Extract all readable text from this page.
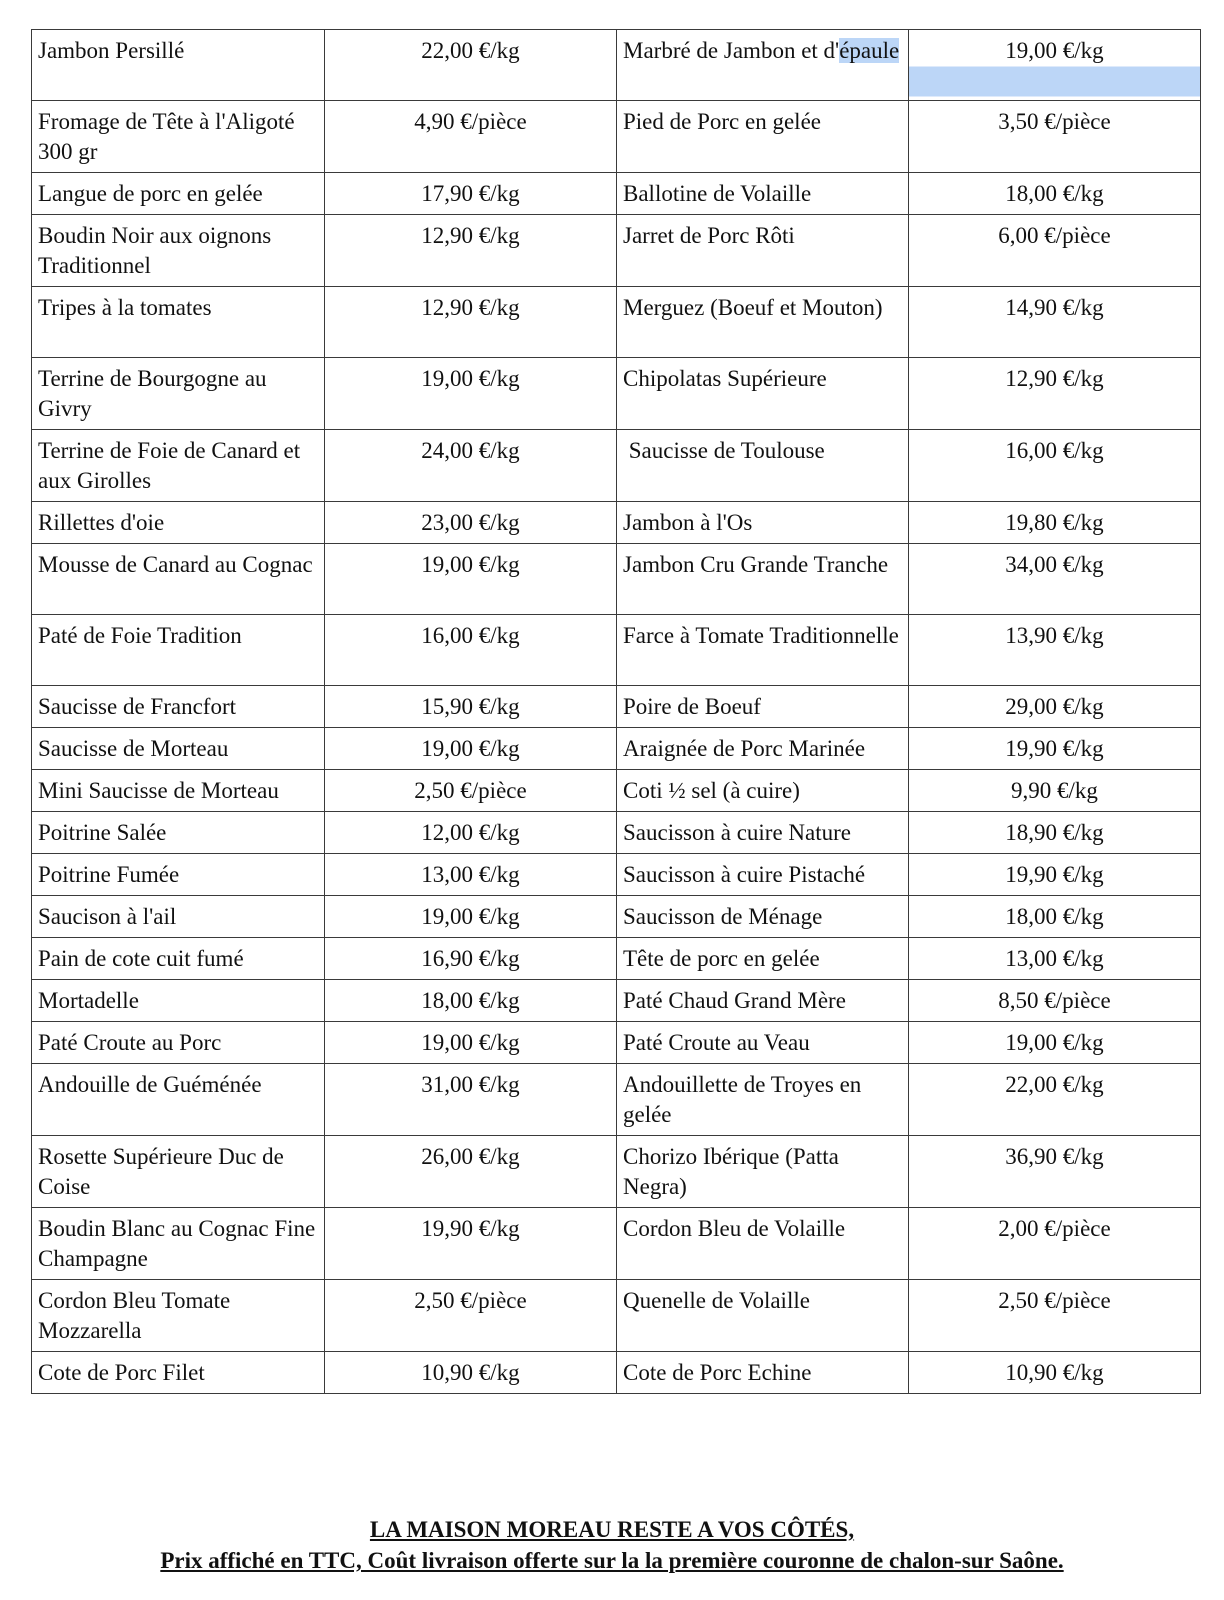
Jambon Persillé	22,00 €/kg	Marbré de Jambon et d'épaule	19,00 €/kg
Fromage de Tête à l'Aligoté 300 gr	4,90 €/pièce	Pied de Porc en gelée	3,50 €/pièce
Langue de porc en gelée	17,90 €/kg	Ballotine de Volaille	18,00 €/kg
Boudin Noir aux oignons Traditionnel	12,90 €/kg	Jarret de Porc Rôti	6,00 €/pièce
Tripes à la tomates	12,90 €/kg	Merguez (Boeuf et Mouton)	14,90 €/kg
Terrine de Bourgogne au Givry	19,00 €/kg	Chipolatas Supérieure	12,90 €/kg
Terrine de Foie de Canard et aux Girolles	24,00 €/kg	Saucisse de Toulouse	16,00 €/kg
Rillettes d'oie	23,00 €/kg	Jambon à l'Os	19,80 €/kg
Mousse de Canard au Cognac	19,00 €/kg	Jambon Cru Grande Tranche	34,00 €/kg
Paté de Foie Tradition	16,00 €/kg	Farce à Tomate Traditionnelle	13,90 €/kg
Saucisse de Francfort	15,90 €/kg	Poire de Boeuf	29,00 €/kg
Saucisse de Morteau	19,00 €/kg	Araignée de Porc Marinée	19,90 €/kg
Mini Saucisse de Morteau	2,50 €/pièce	Coti ½ sel (à cuire)	9,90 €/kg
Poitrine Salée	12,00 €/kg	Saucisson à cuire Nature	18,90 €/kg
Poitrine Fumée	13,00 €/kg	Saucisson à cuire Pistaché	19,90 €/kg
Saucison à l'ail	19,00 €/kg	Saucisson de Ménage	18,00 €/kg
Pain de cote cuit fumé	16,90 €/kg	Tête de porc en gelée	13,00 €/kg
Mortadelle	18,00 €/kg	Paté Chaud Grand Mère	8,50 €/pièce
Paté Croute au Porc	19,00 €/kg	Paté Croute au Veau	19,00 €/kg
Andouille de Guéménée	31,00 €/kg	Andouillette de Troyes en gelée	22,00 €/kg
Rosette Supérieure Duc de Coise	26,00 €/kg	Chorizo Ibérique (Patta Negra)	36,90 €/kg
Boudin Blanc au Cognac Fine Champagne	19,90 €/kg	Cordon Bleu de Volaille	2,00 €/pièce
Cordon Bleu Tomate Mozzarella	2,50 €/pièce	Quenelle de Volaille	2,50 €/pièce
Cote de Porc Filet	10,90 €/kg	Cote de Porc Echine	10,90 €/kg
LA MAISON MOREAU RESTE A VOS CÔTÉS,
Prix affiché en TTC, Coût livraison offerte sur la la première couronne de chalon-sur Saône.
